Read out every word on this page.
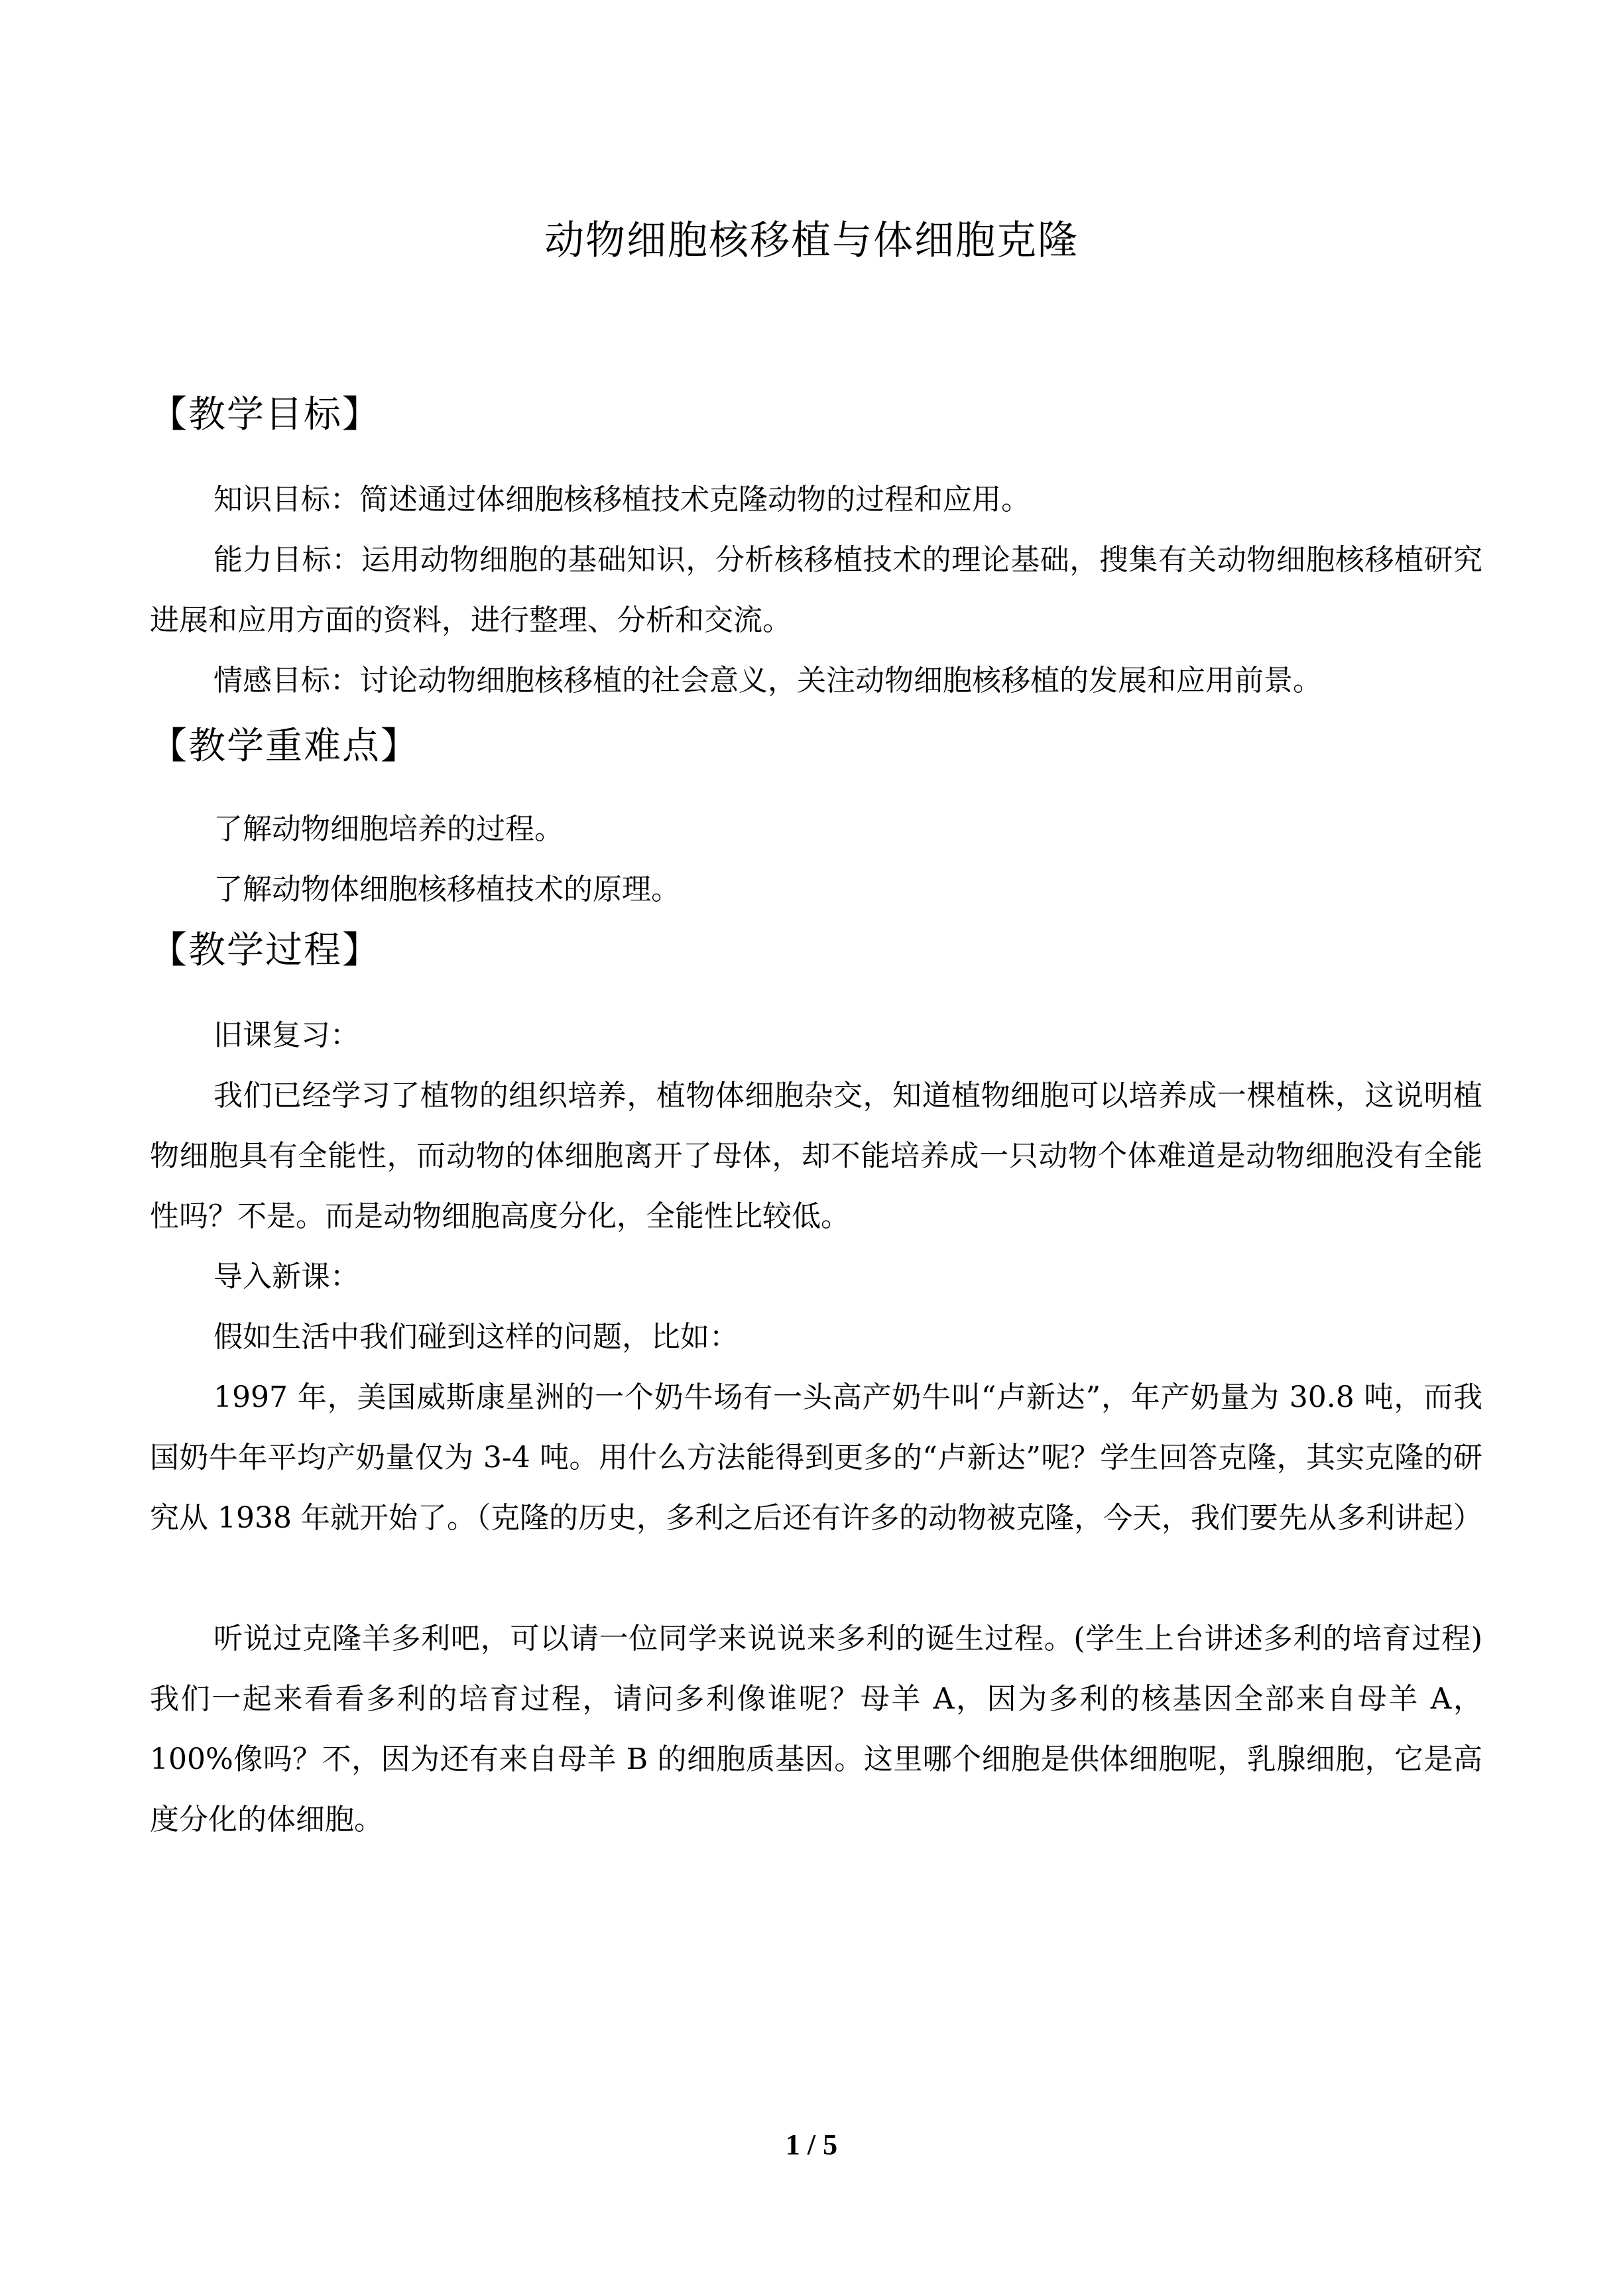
动物细胞核移植与体细胞克隆
【教学目标】

知识目标：简述通过体细胞核移植技术克隆动物的过程和应用。

能力目标：运用动物细胞的基础知识，分析核移植技术的理论基础，搜集有关动物细胞核移植研究进展和应用方面的资料，进行整理、分析和交流。

情感目标：讨论动物细胞核移植的社会意义，关注动物细胞核移植的发展和应用前景。

【教学重难点】

了解动物细胞培养的过程。

了解动物体细胞核移植技术的原理。

【教学过程】

旧课复习：

我们已经学习了植物的组织培养，植物体细胞杂交，知道植物细胞可以培养成一棵植株，这说明植物细胞具有全能性，而动物的体细胞离开了母体，却不能培养成一只动物个体难道是动物细胞没有全能性吗？不是。而是动物细胞高度分化，全能性比较低。

导入新课：

假如生活中我们碰到这样的问题，比如：

1997 年，美国威斯康星洲的一个奶牛场有一头高产奶牛叫“卢新达”，年产奶量为 30.8 吨，而我国奶牛年平均产奶量仅为 3-4 吨。用什么方法能得到更多的“卢新达”呢？学生回答克隆，其实克隆的研究从 1938 年就开始了。（克隆的历史，多利之后还有许多的动物被克隆，今天，我们要先从多利讲起）

听说过克隆羊多利吧，可以请一位同学来说说来多利的诞生过程。(学生上台讲述多利的培育过程)我们一起来看看多利的培育过程，请问多利像谁呢？母羊 A，因为多利的核基因全部来自母羊 A，100%像吗？不，因为还有来自母羊 B 的细胞质基因。这里哪个细胞是供体细胞呢，乳腺细胞，它是高度分化的体细胞。

1 / 5
